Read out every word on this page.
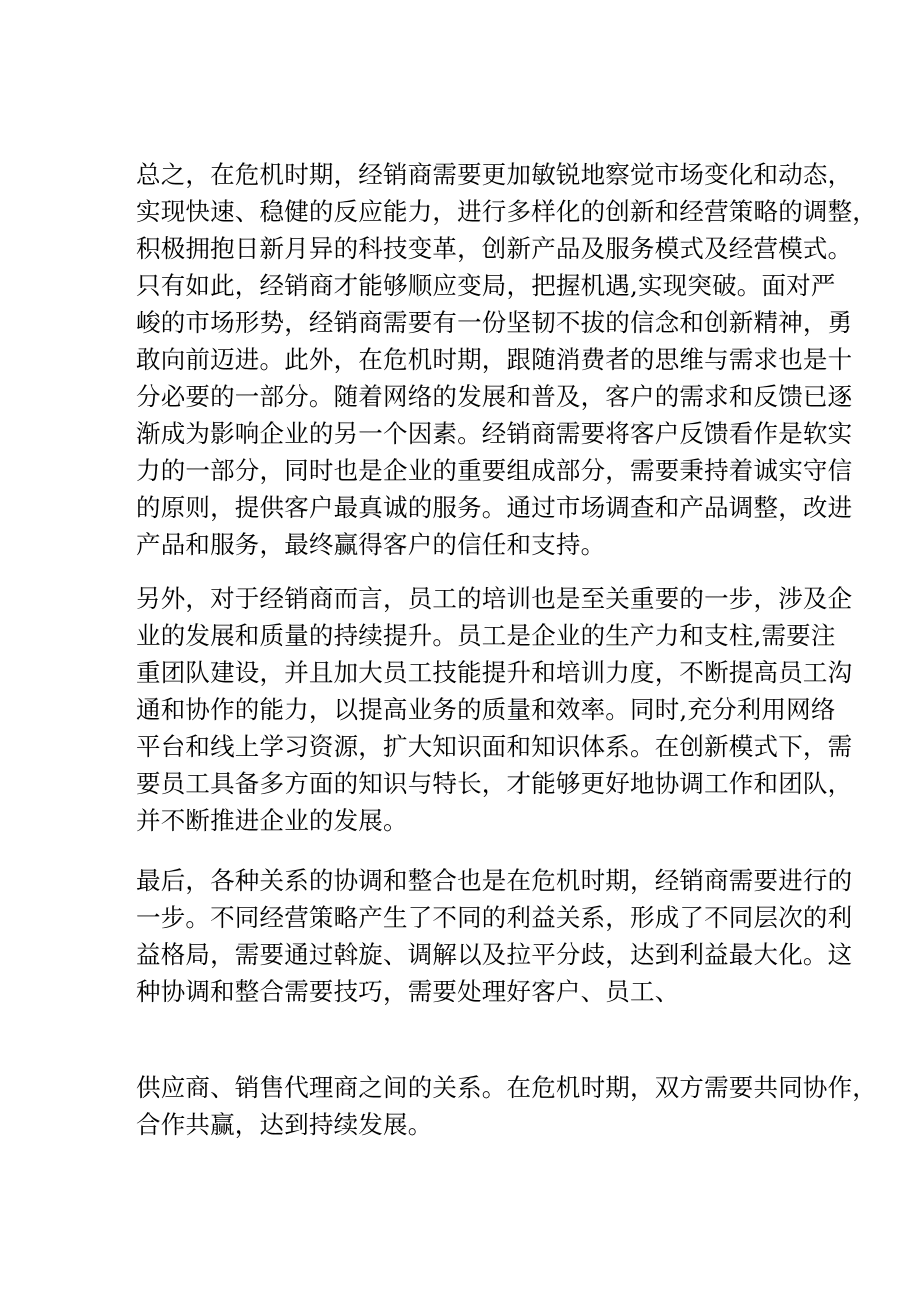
总之，在危机时期，经销商需要更加敏锐地察觉市场变化和动态，
实现快速、稳健的反应能力，进行多样化的创新和经营策略的调整，
积极拥抱日新月异的科技变革，创新产品及服务模式及经营模式。
只有如此，经销商才能够顺应变局，把握机遇,实现突破。面对严
峻的市场形势，经销商需要有一份坚韧不拔的信念和创新精神，勇
敢向前迈进。此外，在危机时期，跟随消费者的思维与需求也是十
分必要的一部分。随着网络的发展和普及，客户的需求和反馈已逐
渐成为影响企业的另一个因素。经销商需要将客户反馈看作是软实
力的一部分，同时也是企业的重要组成部分，需要秉持着诚实守信
的原则，提供客户最真诚的服务。通过市场调查和产品调整，改进
产品和服务，最终赢得客户的信任和支持。
另外，对于经销商而言，员工的培训也是至关重要的一步，涉及企
业的发展和质量的持续提升。员工是企业的生产力和支柱,需要注
重团队建设，并且加大员工技能提升和培训力度，不断提高员工沟
通和协作的能力，以提高业务的质量和效率。同时,充分利用网络
平台和线上学习资源，扩大知识面和知识体系。在创新模式下，需
要员工具备多方面的知识与特长，才能够更好地协调工作和团队，
并不断推进企业的发展。
最后，各种关系的协调和整合也是在危机时期，经销商需要进行的
一步。不同经营策略产生了不同的利益关系，形成了不同层次的利
益格局，需要通过斡旋、调解以及拉平分歧，达到利益最大化。这
种协调和整合需要技巧，需要处理好客户、员工、
供应商、销售代理商之间的关系。在危机时期，双方需要共同协作，
合作共赢，达到持续发展。
